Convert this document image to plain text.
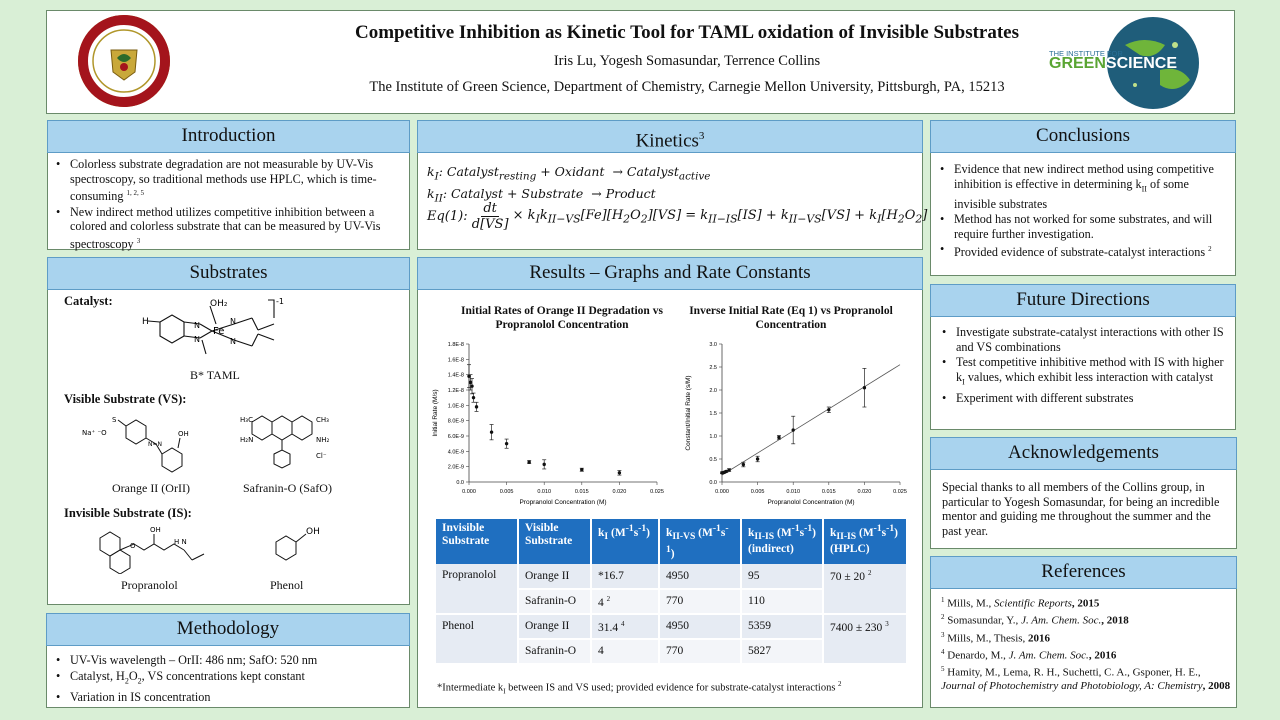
Competitive Inhibition as Kinetic Tool for TAML oxidation of Invisible Substrates
Iris Lu, Yogesh Somasundar, Terrence Collins
The Institute of Green Science, Department of Chemistry, Carnegie Mellon University, Pittsburgh, PA, 15213
THE INSTITUTE FOR
GREENSCIENCE
Introduction
• Colorless substrate degradation are not measurable by UV-Vis spectroscopy, so traditional methods use HPLC, which is time-consuming $^{1, 2, 5}$
• New indirect method utilizes competitive inhibition between a colored and colorless substrate that can be measured by UV-Vis spectroscopy $^3$
Kinetics$^3$
$k_I$: Catalyst$_{resting}$ + Oxidant  → Catalyst$_{active}$
$k_{II}$: Catalyst + Substrate  → Product
Eq(1): $\frac{dt}{d[VS]} \times k_Ik_{II-VS}[Fe][H_2O_2][VS] = k_{II-IS}[IS] + k_{II-VS}[VS] + k_I[H_2O_2]$
Conclusions
• Evidence that new indirect method using competitive inhibition is effective in determining $k_{II}$ of some invisible substrates
• Method has not worked for some substrates, and will require further investigation.
• Provided evidence of substrate-catalyst interactions $^2$
Substrates
Catalyst:	OH₂
Fe
H	N
N
N
N
-1
B* TAML
Visible Substrate (VS):
Na⁺ ⁻O
S
OH
N=N
Orange II (OrII)
H₃C	CH₃
H₂N	NH₂
Cl⁻
Safranin-O (SafO)
Invisible Substrate (IS):
O
OH
H N
Propranolol
OH
Phenol
Results – Graphs and Rate Constants
Initial Rates of Orange II Degradation vs Propranolol Concentration
Inverse Initial Rate (Eq 1) vs Propranolol Concentration
0.000	0.005	0.010	0.015	0.020	0.025
0.0
2.0E-9
4.0E-9
6.0E-9
8.0E-9
1.0E-8
1.2E-8
1.4E-8
1.6E-8
1.8E-8
Propranolol Concentration (M)
Initial Rate (M/s)
0.000	0.005	0.010	0.015	0.020	0.025
0.0
0.5
1.0
1.5
2.0
2.5
3.0
Propranolol Concentration (M)
Constant/Initial Rate (s/M)
Invisible Substrate	Visible Substrate	$k_I$ $(M^{-1}s^{-1})$	$k_{II-VS}$ $(M^{-1}s^{-1})$	$k_{II-IS}$ $(M^{-1}s^{-1})$ (indirect)	$k_{II-IS}$ $(M^{-1}s^{-1})$ (HPLC)
Propranolol	Orange II	*16.7	4950	95	70 ± 20 $^2$
	Safranin-O	4 $^2$	770	110	
Phenol	Orange II	31.4 $^4$	4950	5359	7400 ± 230 $^3$
	Safranin-O	4	770	5827	
*Intermediate $k_I$ between IS and VS used; provided evidence for substrate-catalyst interactions $^2$
Methodology
• UV-Vis wavelength – OrII: 486 nm; SafO: 520 nm
• Catalyst, $H_2O_2$, VS concentrations kept constant
• Variation in IS concentration
Future Directions
• Investigate substrate-catalyst interactions with other IS and VS combinations
• Test competitive inhibitive method with IS with higher $k_I$ values, which exhibit less interaction with catalyst
• Experiment with different substrates
Acknowledgements
Special thanks to all members of the Collins group, in particular to Yogesh Somasundar, for being an incredible mentor and guiding me throughout the summer and the past year.
References
$^1$ Mills, M., Scientific Reports, 2015
$^2$ Somasundar, Y., J. Am. Chem. Soc., 2018
$^3$ Mills, M., Thesis, 2016
$^4$ Denardo, M., J. Am. Chem. Soc., 2016
$^5$ Hamity, M., Lema, R. H., Suchetti, C. A., Gsponer, H. E., Journal of Photochemistry and Photobiology, A: Chemistry, 2008
